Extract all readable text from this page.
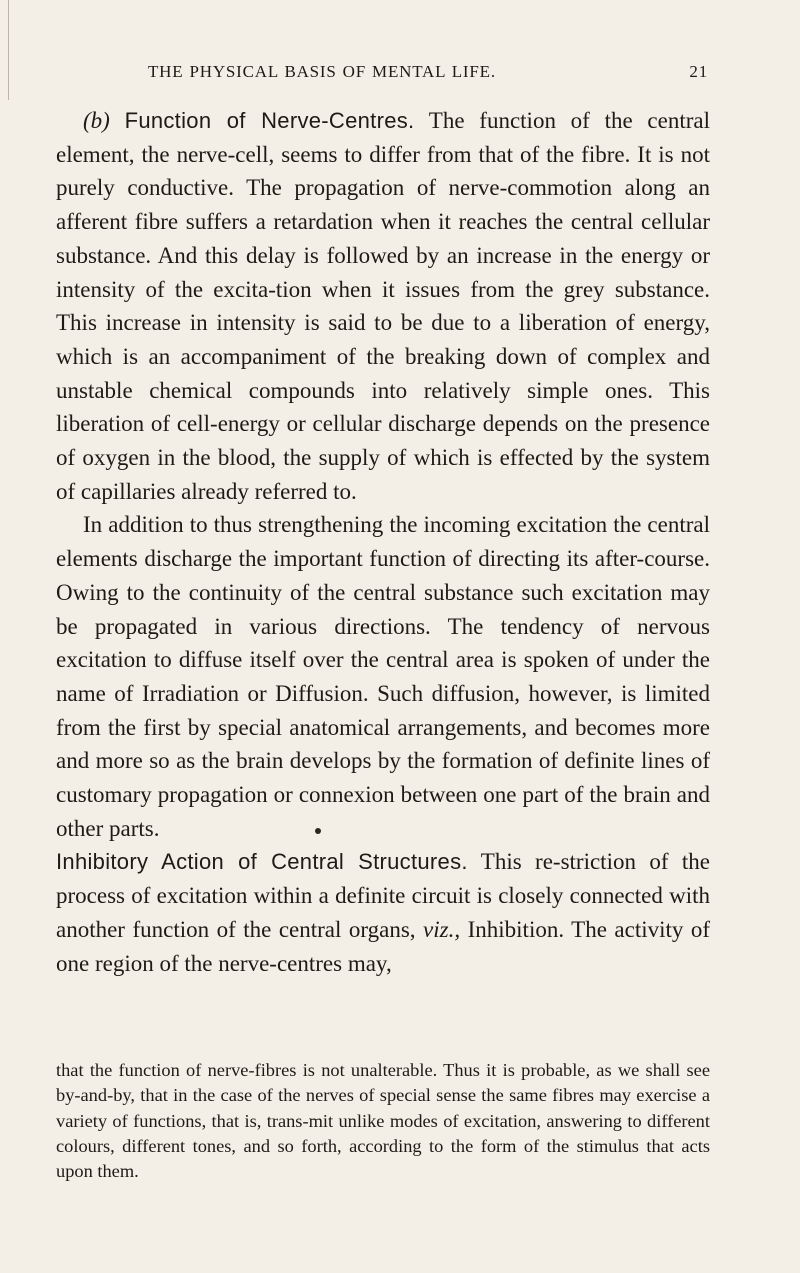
THE PHYSICAL BASIS OF MENTAL LIFE.	21

(b) Function of Nerve-Centres. The function of the central element, the nerve-cell, seems to differ from that of the fibre. It is not purely conductive. The propagation of nerve-commotion along an afferent fibre suffers a retardation when it reaches the central cellular substance. And this delay is followed by an increase in the energy or intensity of the excita-tion when it issues from the grey substance. This increase in intensity is said to be due to a liberation of energy, which is an accompaniment of the breaking down of complex and unstable chemical compounds into relatively simple ones. This liberation of cell-energy or cellular discharge depends on the presence of oxygen in the blood, the supply of which is effected by the system of capillaries already referred to.

In addition to thus strengthening the incoming excitation the central elements discharge the important function of directing its after-course. Owing to the continuity of the central substance such excitation may be propagated in various directions. The tendency of nervous excitation to diffuse itself over the central area is spoken of under the name of Irradiation or Diffusion. Such diffusion, however, is limited from the first by special anatomical arrangements, and becomes more and more so as the brain develops by the formation of definite lines of customary propagation or connexion between one part of the brain and other parts.

Inhibitory Action of Central Structures. This re-striction of the process of excitation within a definite circuit is closely connected with another function of the central organs, viz., Inhibition. The activity of one region of the nerve-centres may,

that the function of nerve-fibres is not unalterable. Thus it is probable, as we shall see by-and-by, that in the case of the nerves of special sense the same fibres may exercise a variety of functions, that is, trans-mit unlike modes of excitation, answering to different colours, different tones, and so forth, according to the form of the stimulus that acts upon them.
